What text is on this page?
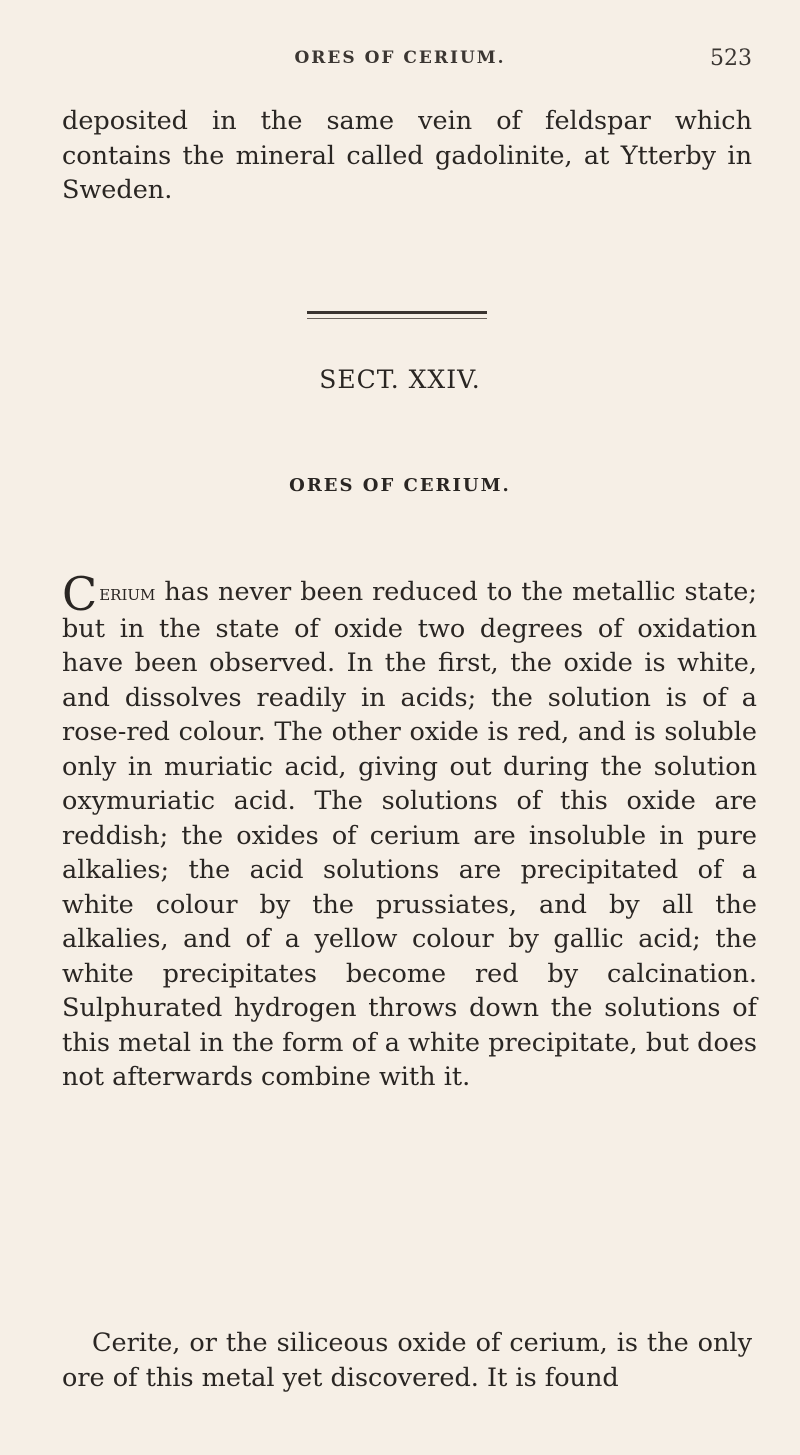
ORES OF CERIUM.	523

deposited in the same vein of feldspar which contains the mineral called gadolinite, at Ytterby in Sweden.

SECT. XXIV.
ORES OF CERIUM.

Cerium has never been reduced to the metallic state; but in the state of oxide two degrees of oxidation have been observed. In the first, the oxide is white, and dissolves readily in acids; the solution is of a rose-red colour. The other oxide is red, and is soluble only in muriatic acid, giving out during the solution oxymuriatic acid. The solutions of this oxide are reddish; the oxides of cerium are insoluble in pure alkalies; the acid solutions are precipitated of a white colour by the prussiates, and by all the alkalies, and of a yellow colour by gallic acid; the white precipitates become red by calcination. Sulphurated hydrogen throws down the solutions of this metal in the form of a white precipitate, but does not afterwards combine with it.

Cerite, or the siliceous oxide of cerium, is the only ore of this metal yet discovered. It is found
